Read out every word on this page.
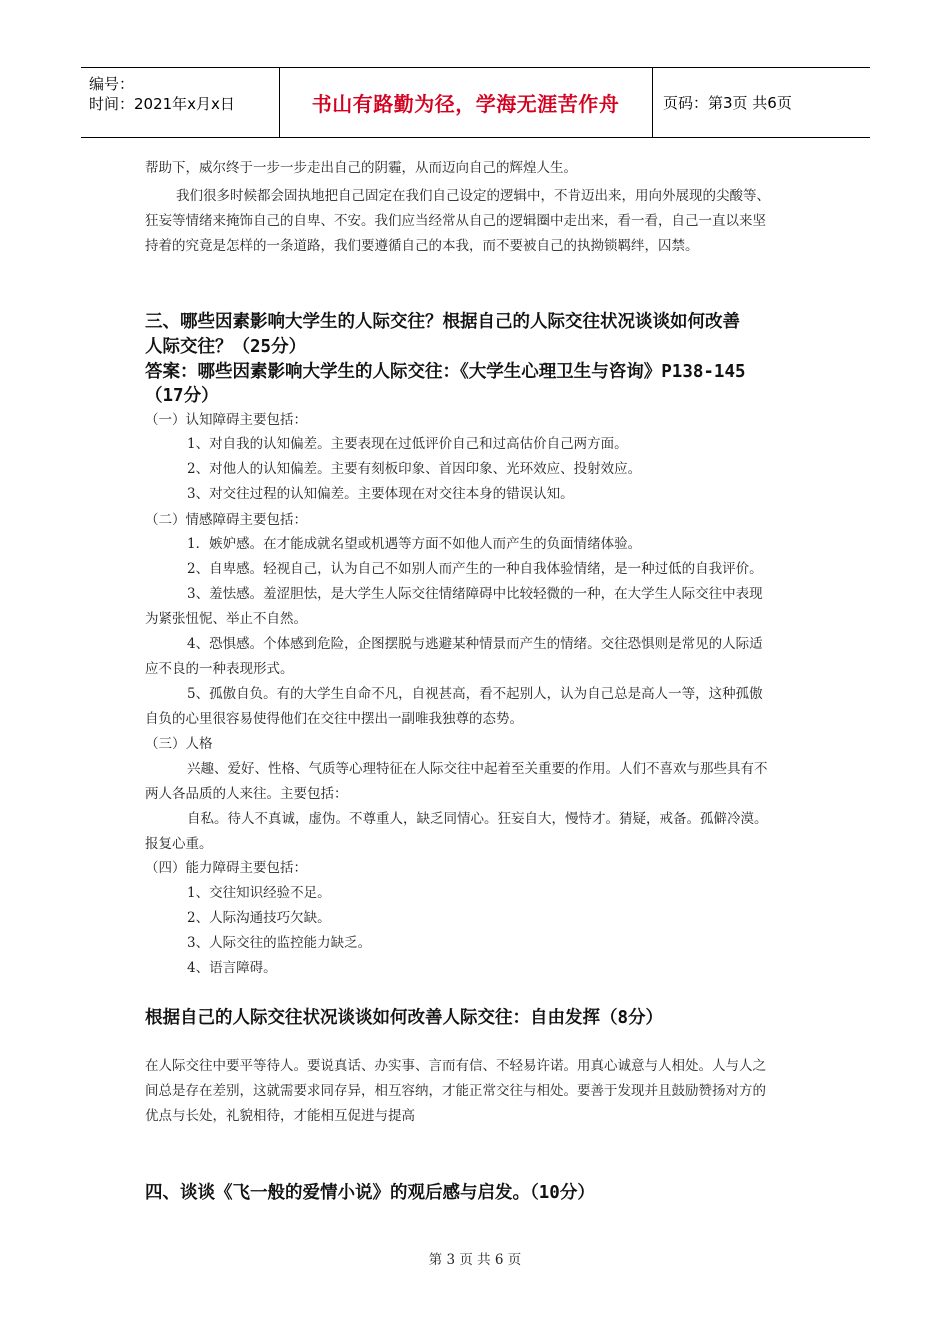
编号：
时间：2021年x月x日	书山有路勤为径，学海无涯苦作舟	页码：第3页 共6页
帮助下，威尔终于一步一步走出自己的阴霾，从而迈向自己的辉煌人生。
我们很多时候都会固执地把自己固定在我们自己设定的逻辑中，不肯迈出来，用向外展现的尖酸等、
狂妄等情绪来掩饰自己的自卑、不安。我们应当经常从自己的逻辑圈中走出来，看一看，自己一直以来坚
持着的究竟是怎样的一条道路，我们要遵循自己的本我，而不要被自己的执拗锁羁绊，囚禁。
三、哪些因素影响大学生的人际交往？根据自己的人际交往状况谈谈如何改善
人际交往？（25分）
答案：哪些因素影响大学生的人际交往：《大学生心理卫生与咨询》P138-145
（17分）
（一）认知障碍主要包括：
1、对自我的认知偏差。主要表现在过低评价自己和过高估价自己两方面。
2、对他人的认知偏差。主要有刻板印象、首因印象、光环效应、投射效应。
3、对交往过程的认知偏差。主要体现在对交往本身的错误认知。
（二）情感障碍主要包括：
1．嫉妒感。在才能成就名望或机遇等方面不如他人而产生的负面情绪体验。
2、自卑感。轻视自己，认为自己不如别人而产生的一种自我体验情绪，是一种过低的自我评价。
3、羞怯感。羞涩胆怯，是大学生人际交往情绪障碍中比较轻微的一种，在大学生人际交往中表现
为紧张忸怩、举止不自然。
4、恐惧感。个体感到危险，企图摆脱与逃避某种情景而产生的情绪。交往恐惧则是常见的人际适
应不良的一种表现形式。
5、孤傲自负。有的大学生自命不凡，自视甚高，看不起别人，认为自己总是高人一等，这种孤傲
自负的心里很容易使得他们在交往中摆出一副唯我独尊的态势。
（三）人格
兴趣、爱好、性格、气质等心理特征在人际交往中起着至关重要的作用。人们不喜欢与那些具有不
两人各品质的人来往。主要包括：
自私。待人不真诚，虚伪。不尊重人，缺乏同情心。狂妄自大，慢恃才。猜疑，戒备。孤僻冷漠。
报复心重。
（四）能力障碍主要包括：
1、交往知识经验不足。
2、人际沟通技巧欠缺。
3、人际交往的监控能力缺乏。
4、语言障碍。
根据自己的人际交往状况谈谈如何改善人际交往：自由发挥（8分）
在人际交往中要平等待人。要说真话、办实事、言而有信、不轻易许诺。用真心诚意与人相处。人与人之
间总是存在差别，这就需要求同存异，相互容纳，才能正常交往与相处。要善于发现并且鼓励赞扬对方的
优点与长处，礼貌相待，才能相互促进与提高
四、谈谈《飞一般的爱情小说》的观后感与启发。（10分）
第 3 页 共 6 页
